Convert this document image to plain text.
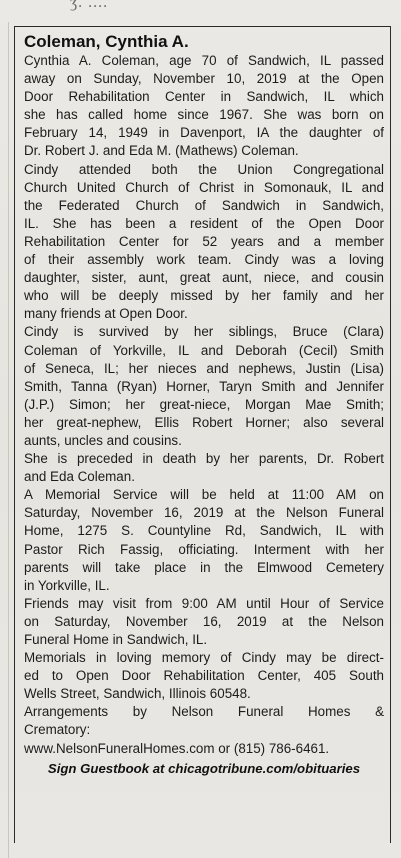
ʒ. ....
Coleman, Cynthia A.

Cynthia A. Coleman, age 70 of Sandwich, IL passed
away on Sunday, November 10, 2019 at the Open
Door Rehabilitation Center in Sandwich, IL which
she has called home since 1967. She was born on
February 14, 1949 in Davenport, IA the daughter of
Dr. Robert J. and Eda M. (Mathews) Coleman.

Cindy attended both the Union Congregational
Church United Church of Christ in Somonauk, IL and
the Federated Church of Sandwich in Sandwich,
IL. She has been a resident of the Open Door
Rehabilitation Center for 52 years and a member
of their assembly work team. Cindy was a loving
daughter, sister, aunt, great aunt, niece, and cousin
who will be deeply missed by her family and her
many friends at Open Door.

Cindy is survived by her siblings, Bruce (Clara)
Coleman of Yorkville, IL and Deborah (Cecil) Smith
of Seneca, IL; her nieces and nephews, Justin (Lisa)
Smith, Tanna (Ryan) Horner, Taryn Smith and Jennifer
(J.P.) Simon; her great-niece, Morgan Mae Smith;
her great-nephew, Ellis Robert Horner; also several
aunts, uncles and cousins.

She is preceded in death by her parents, Dr. Robert
and Eda Coleman.

A Memorial Service will be held at 11:00 AM on
Saturday, November 16, 2019 at the Nelson Funeral
Home, 1275 S. Countyline Rd, Sandwich, IL with
Pastor Rich Fassig, officiating. Interment with her
parents will take place in the Elmwood Cemetery
in Yorkville, IL.

Friends may visit from 9:00 AM until Hour of Service
on Saturday, November 16, 2019 at the Nelson
Funeral Home in Sandwich, IL.

Memorials in loving memory of Cindy may be direct-
ed to Open Door Rehabilitation Center, 405 South
Wells Street, Sandwich, Illinois 60548.

Arrangements by Nelson Funeral Homes &
Crematory:
www.NelsonFuneralHomes.com or (815) 786-6461.

Sign Guestbook at chicagotribune.com/obituaries
